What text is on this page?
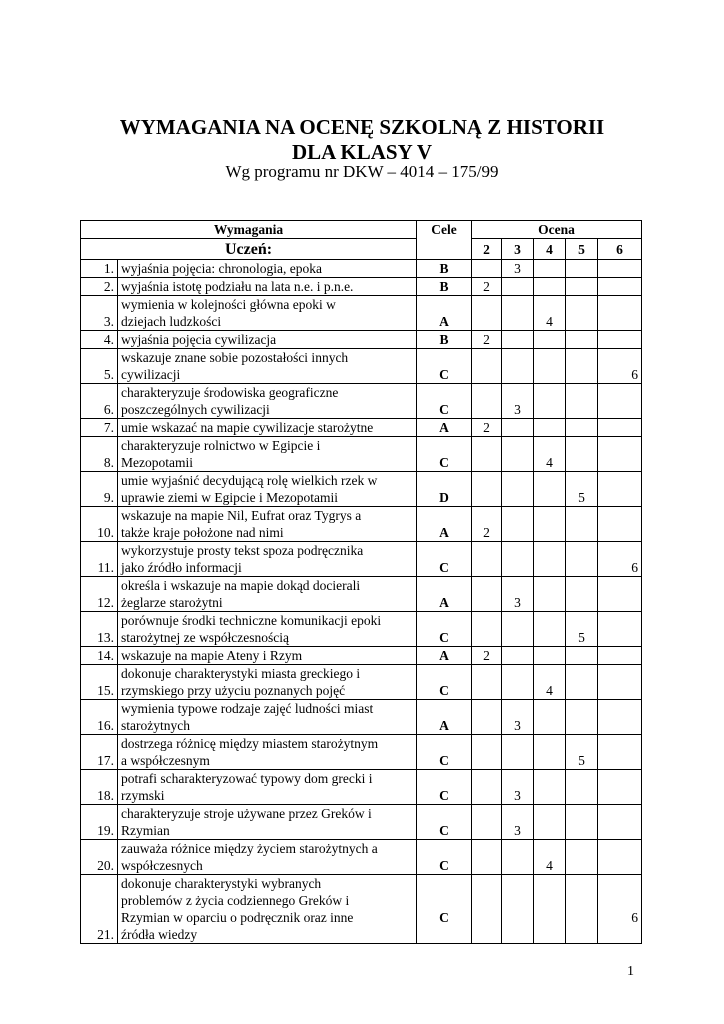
WYMAGANIA NA OCENĘ SZKOLNĄ Z HISTORII
DLA KLASY V
Wg programu nr DKW – 4014 – 175/99
Wymagania		Cele	Ocena				
Uczeń:			2	3	4	5	6
1.	wyjaśnia pojęcia: chronologia, epoka	B		3			
2.	wyjaśnia istotę podziału na lata n.e. i p.n.e.	B	2				
3.	wymienia w kolejności główna epoki w
dziejach ludzkości	A			4		
4.	wyjaśnia pojęcia cywilizacja	B	2				
5.	wskazuje znane sobie pozostałości innych
cywilizacji	C					6
6.	charakteryzuje środowiska geograficzne
poszczególnych cywilizacji	C		3			
7.	umie wskazać na mapie cywilizacje starożytne	A	2				
8.	charakteryzuje rolnictwo w Egipcie i
Mezopotamii	C			4		
9.	umie wyjaśnić decydującą rolę wielkich rzek w
uprawie ziemi w Egipcie i Mezopotamii	D				5	
10.	wskazuje na mapie Nil, Eufrat oraz Tygrys a
także kraje położone nad nimi	A	2				
11.	wykorzystuje prosty tekst spoza podręcznika
jako źródło informacji	C					6
12.	określa i wskazuje na mapie dokąd docierali
żeglarze starożytni	A		3			
13.	porównuje środki techniczne komunikacji epoki
starożytnej ze współczesnością	C				5	
14.	wskazuje na mapie Ateny i Rzym	A	2				
15.	dokonuje charakterystyki miasta greckiego i
rzymskiego przy użyciu poznanych pojęć	C			4		
16.	wymienia typowe rodzaje zajęć ludności miast
starożytnych	A		3			
17.	dostrzega różnicę między miastem starożytnym
a współczesnym	C				5	
18.	potrafi scharakteryzować typowy dom grecki i
rzymski	C		3			
19.	charakteryzuje stroje używane przez Greków i
Rzymian	C		3			
20.	zauważa różnice między życiem starożytnych a
współczesnych	C			4		
21.	dokonuje charakterystyki wybranych
problemów z życia codziennego Greków i
Rzymian w oparciu o podręcznik oraz inne
źródła wiedzy	C					6
1
